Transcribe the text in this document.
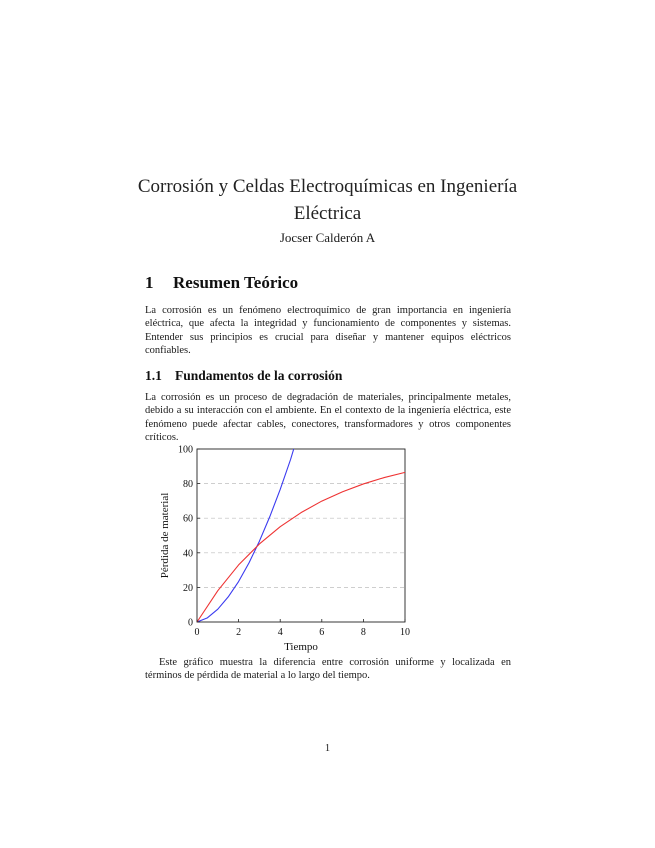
Corrosión y Celdas Electroquímicas en Ingeniería Eléctrica
Jocser Calderón A
1 Resumen Teórico
La corrosión es un fenómeno electroquímico de gran importancia en ingeniería eléctrica, que afecta la integridad y funcionamiento de componentes y sistemas. Entender sus principios es crucial para diseñar y mantener equipos eléctricos confiables.
1.1 Fundamentos de la corrosión
La corrosión es un proceso de degradación de materiales, principalmente metales, debido a su interacción con el ambiente. En el contexto de la ingeniería eléctrica, este fenómeno puede afectar cables, conectores, transformadores y otros componentes críticos.
0
20
40
60
80
100
0	2	4	6	8	10
Tiempo
Pérdida de material
Este gráfico muestra la diferencia entre corrosión uniforme y localizada en términos de pérdida de material a lo largo del tiempo.
1
